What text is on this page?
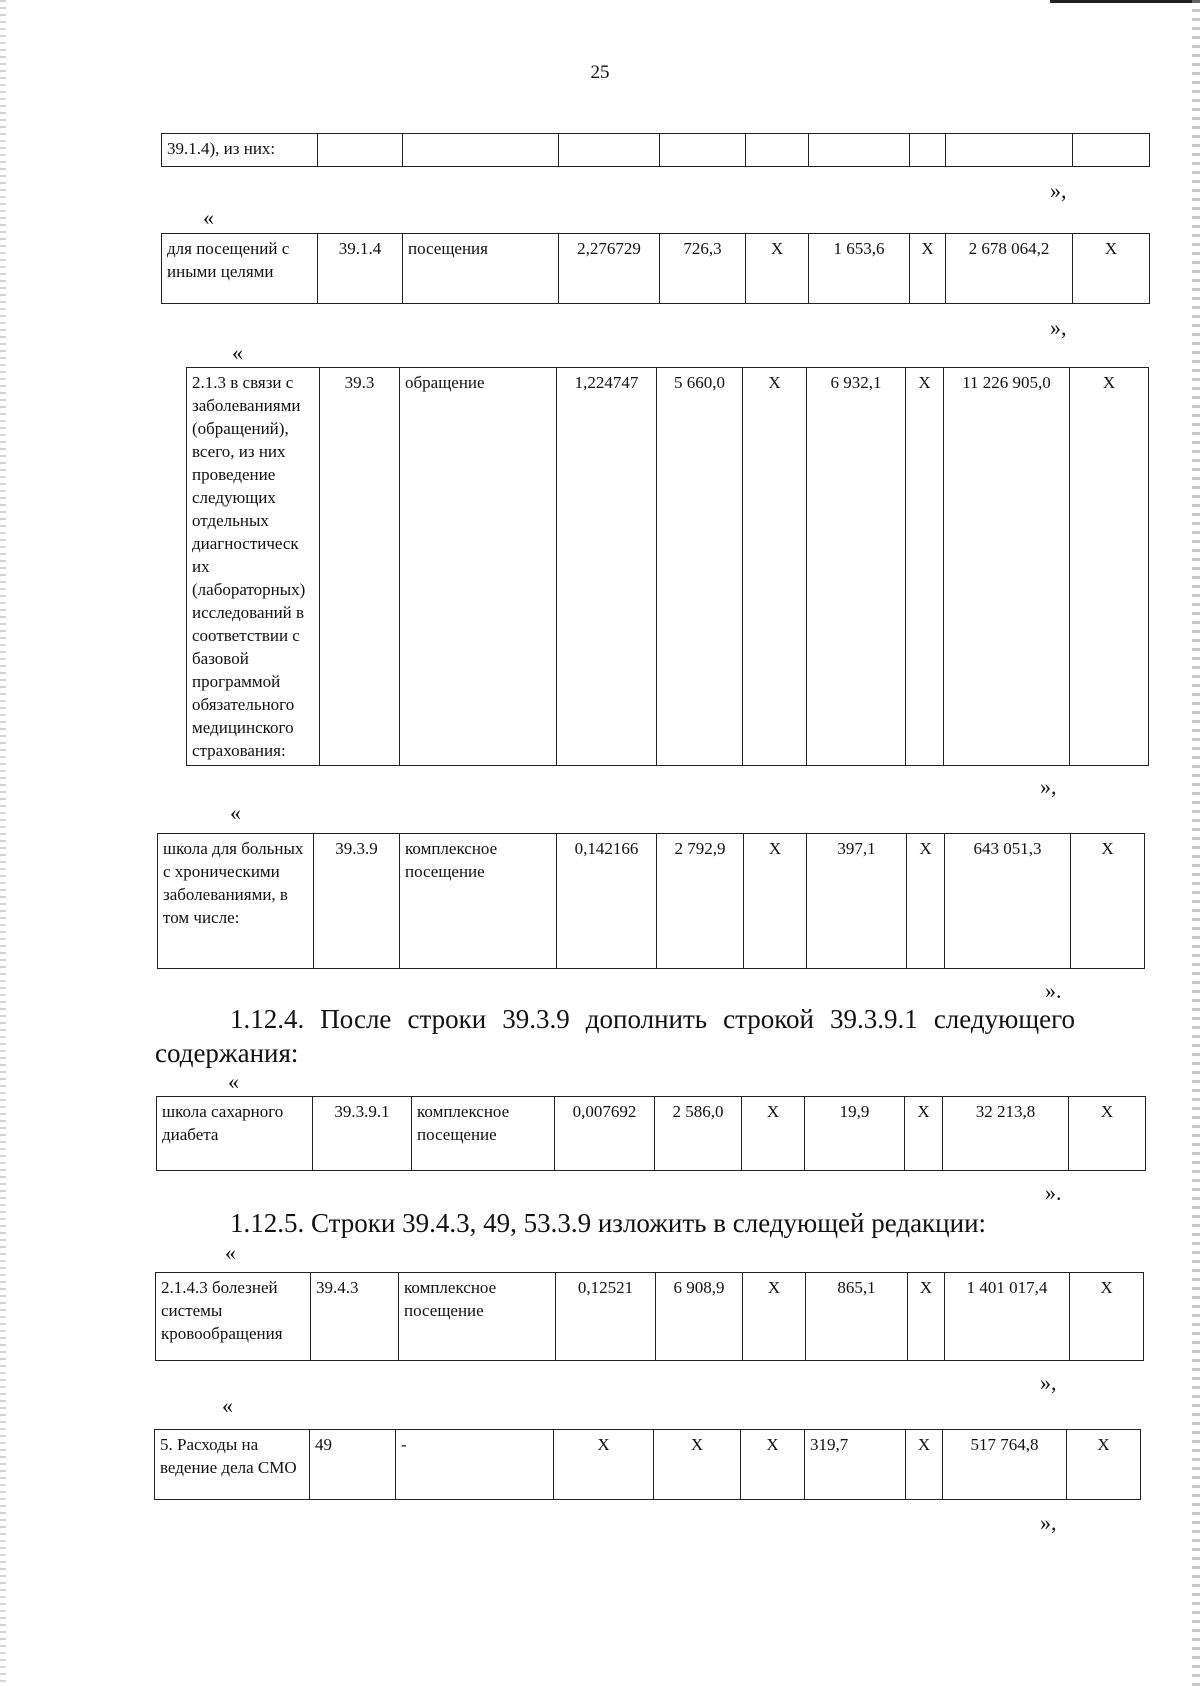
25
39.1.4), из них:									
»,
«
для посещений с иными целями	39.1.4	посещения	2,276729	726,3	X	1 653,6	X	2 678 064,2	X
»,
«
2.1.3 в связи с заболеваниями (обращений), всего, из них проведение следующих отдельных диагностическ их (лабораторных) исследований в соответствии с базовой программой обязательного медицинского страхования:	39.3	обращение	1,224747	5 660,0	X	6 932,1	X	11 226 905,0	X
»,
«
школа для больных с хроническими заболеваниями, в том числе:	39.3.9	комплексное посещение	0,142166	2 792,9	X	397,1	X	643 051,3	X
».
1.12.4. После строки 39.3.9 дополнить строкой 39.3.9.1 следующего содержания:
«
школа сахарного диабета	39.3.9.1	комплексное посещение	0,007692	2 586,0	X	19,9	X	32 213,8	X
».
1.12.5. Строки 39.4.3, 49, 53.3.9 изложить в следующей редакции:
«
2.1.4.3 болезней системы кровообращения	39.4.3	комплексное посещение	0,12521	6 908,9	X	865,1	X	1 401 017,4	X
»,
«
5. Расходы на ведение дела СМО	49	-	X	X	X	319,7	X	517 764,8	X
»,
